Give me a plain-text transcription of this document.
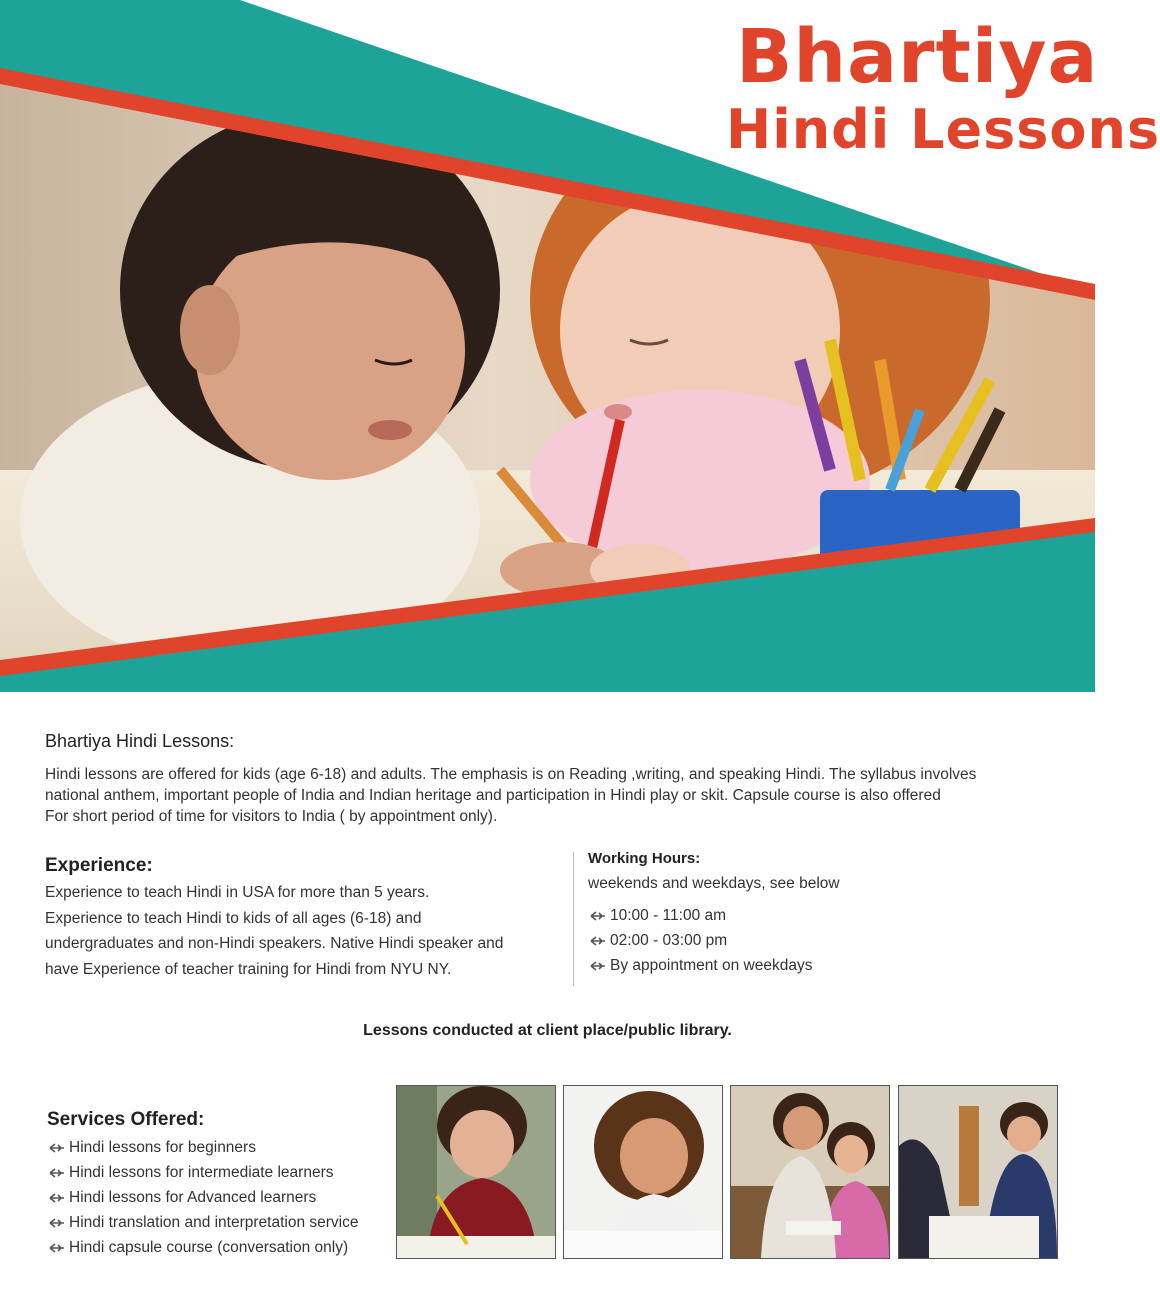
Bhartiya
Hindi Lessons
Bhartiya Hindi Lessons:
Hindi lessons are offered for kids (age 6-18) and adults. The emphasis is on Reading ,writing, and speaking Hindi. The syllabus involves
national anthem, important people of India and Indian heritage and participation in Hindi play or skit. Capsule course is also offered
For short period of time for visitors to India ( by appointment only).
Experience:
Experience to teach Hindi in USA for more than 5 years.
Experience to teach Hindi to kids of all ages (6-18) and
undergraduates and non-Hindi speakers. Native Hindi speaker and
have Experience of teacher training for Hindi from NYU NY.
Working Hours:
weekends and weekdays, see below
10:00 - 11:00 am
02:00 - 03:00 pm
By appointment on weekdays
Lessons conducted at client place/public library.
Services Offered:
Hindi lessons for beginners
Hindi lessons for intermediate learners
Hindi lessons for Advanced learners
Hindi translation and interpretation service
Hindi capsule course (conversation only)
